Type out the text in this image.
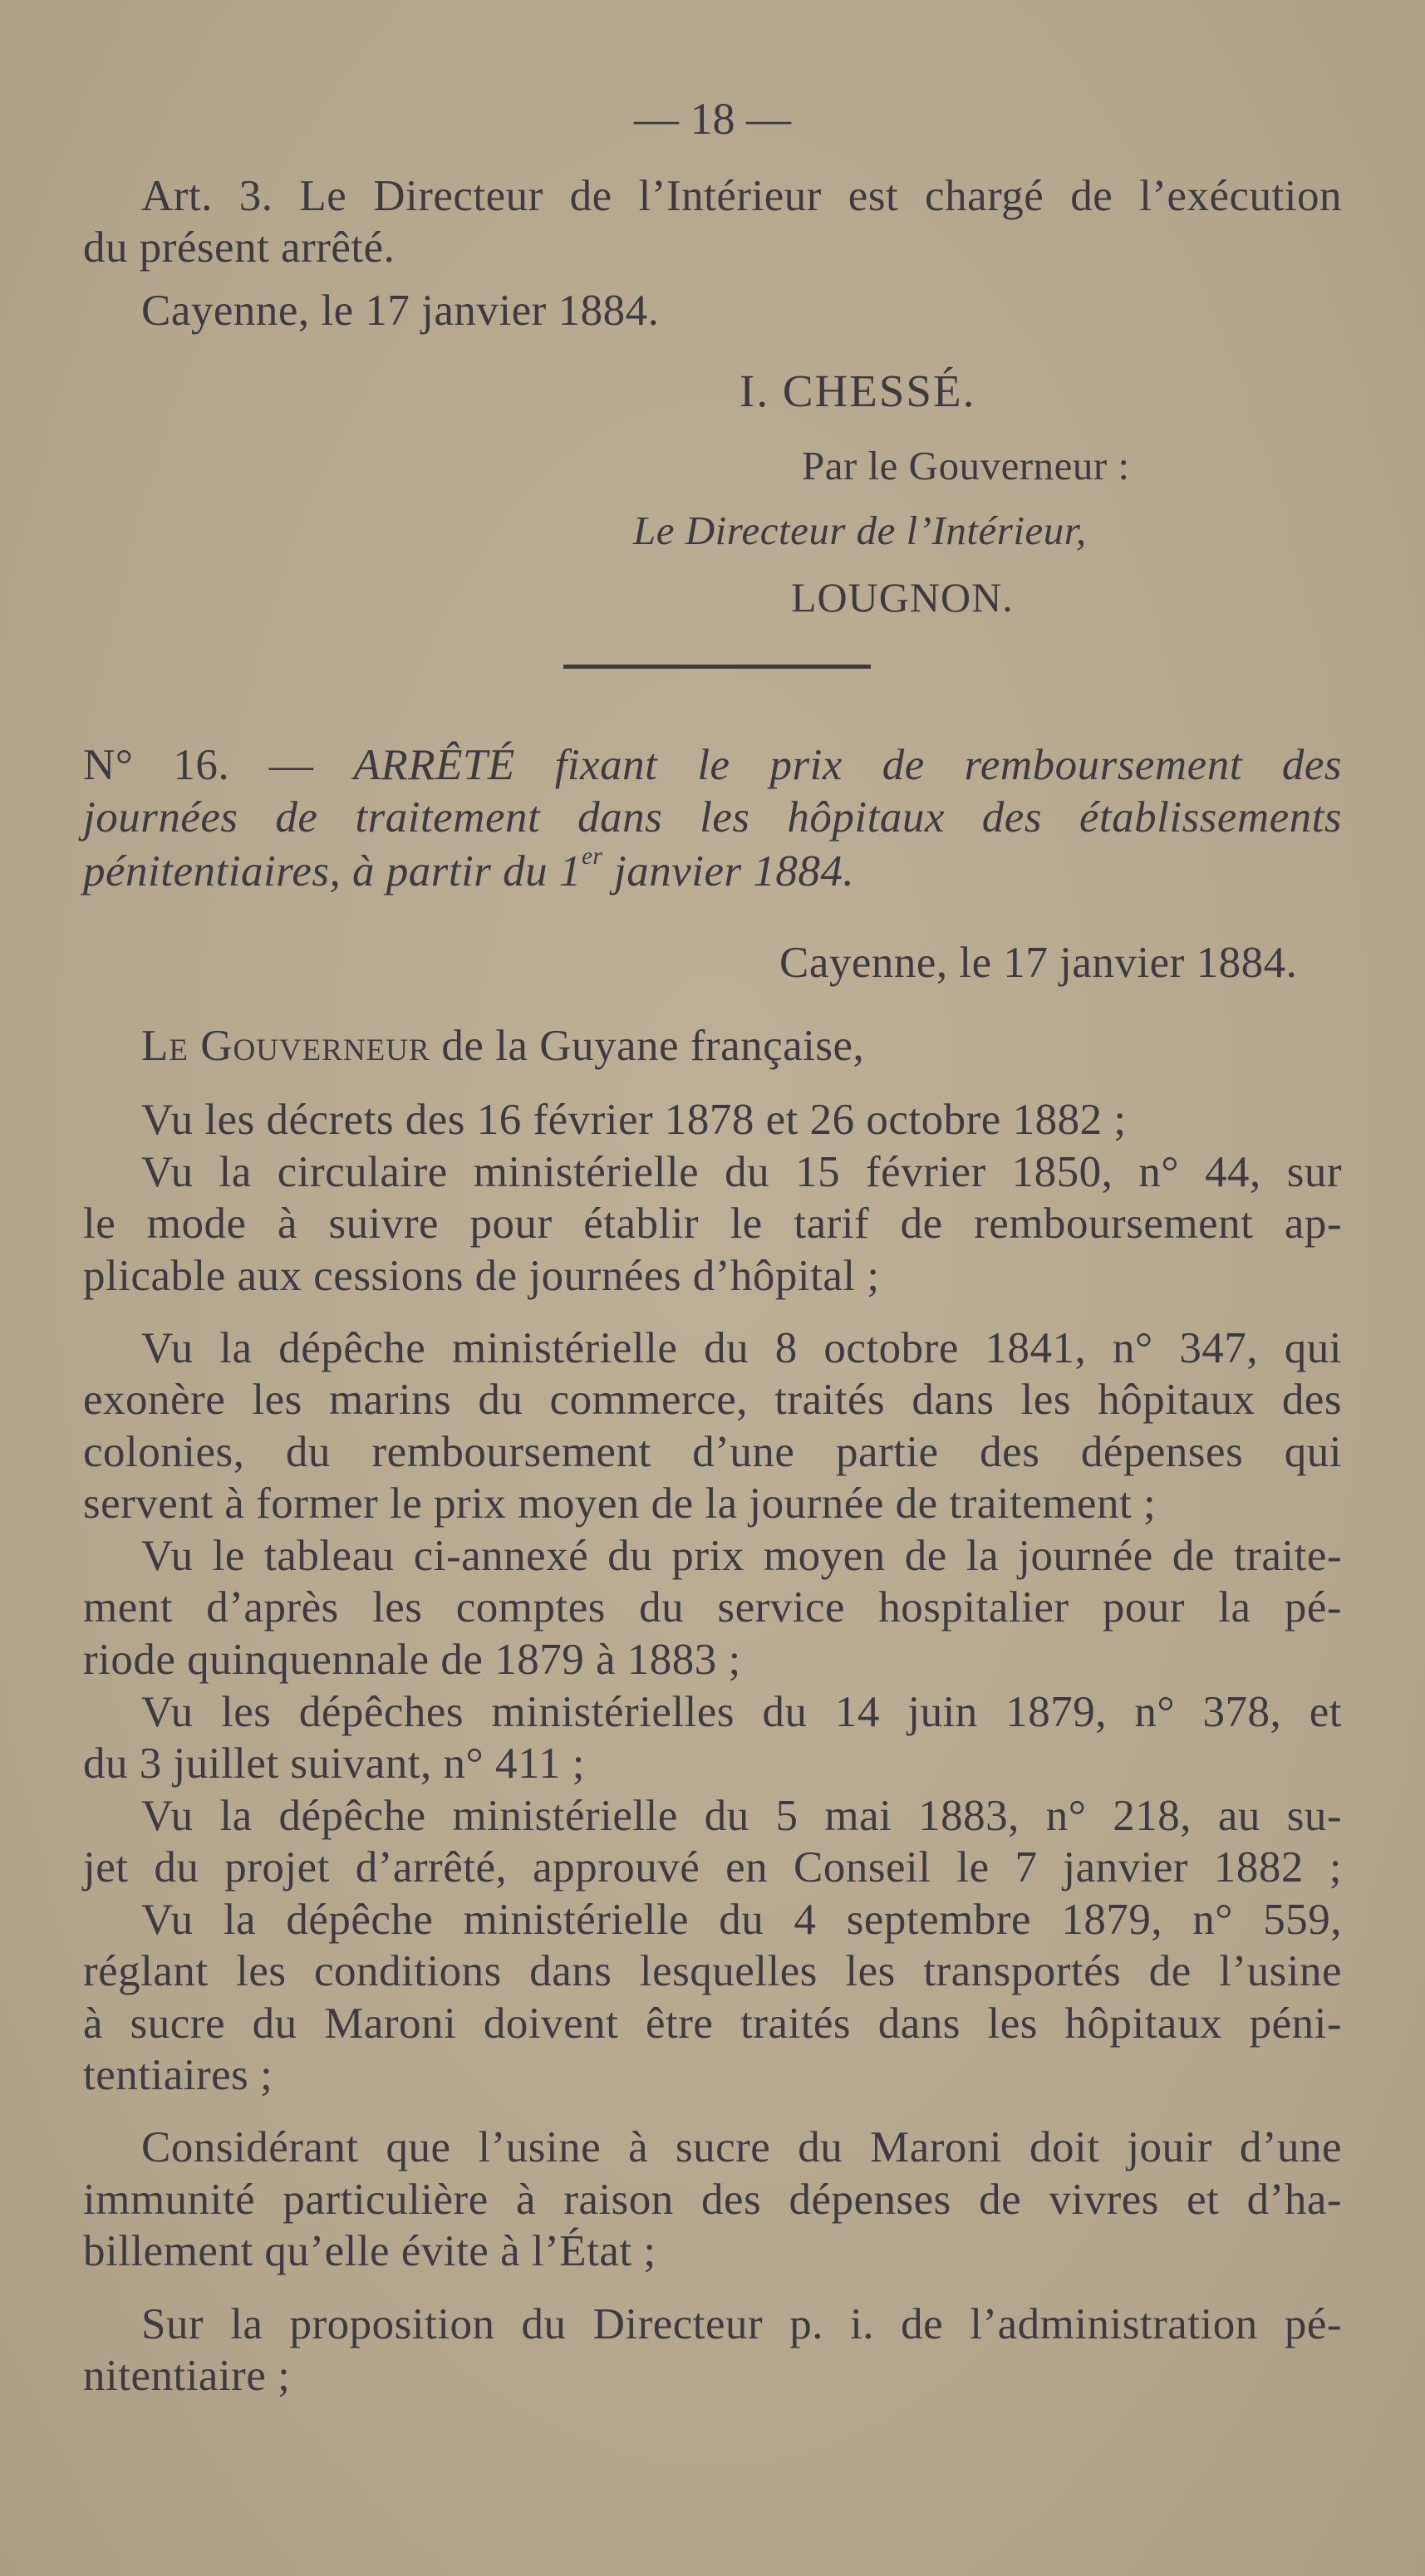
— 18 —
Art. 3. Le Directeur de l’Intérieur est chargé de l’exécution
du présent arrêté.
Cayenne, le 17 janvier 1884.
I. CHESSÉ.
Par le Gouverneur :
Le Directeur de l’Intérieur,
LOUGNON.
N° 16. — ARRÊTÉ fixant le prix de remboursement des
journées de traitement dans les hôpitaux des établissements
pénitentiaires, à partir du 1er janvier 1884.
Cayenne, le 17 janvier 1884.
Le Gouverneur de la Guyane française,
Vu les décrets des 16 février 1878 et 26 octobre 1882 ;
Vu la circulaire ministérielle du 15 février 1850, n° 44, sur
le mode à suivre pour établir le tarif de remboursement ap-
plicable aux cessions de journées d’hôpital ;
Vu la dépêche ministérielle du 8 octobre 1841, n° 347, qui
exonère les marins du commerce, traités dans les hôpitaux des
colonies, du remboursement d’une partie des dépenses qui
servent à former le prix moyen de la journée de traitement ;
Vu le tableau ci-annexé du prix moyen de la journée de traite-
ment d’après les comptes du service hospitalier pour la pé-
riode quinquennale de 1879 à 1883 ;
Vu les dépêches ministérielles du 14 juin 1879, n° 378, et
du 3 juillet suivant, n° 411 ;
Vu la dépêche ministérielle du 5 mai 1883, n° 218, au su-
jet du projet d’arrêté, approuvé en Conseil le 7 janvier 1882 ;
Vu la dépêche ministérielle du 4 septembre 1879, n° 559,
réglant les conditions dans lesquelles les transportés de l’usine
à sucre du Maroni doivent être traités dans les hôpitaux péni-
tentiaires ;
Considérant que l’usine à sucre du Maroni doit jouir d’une
immunité particulière à raison des dépenses de vivres et d’ha-
billement qu’elle évite à l’État ;
Sur la proposition du Directeur p. i. de l’administration pé-
nitentiaire ;
